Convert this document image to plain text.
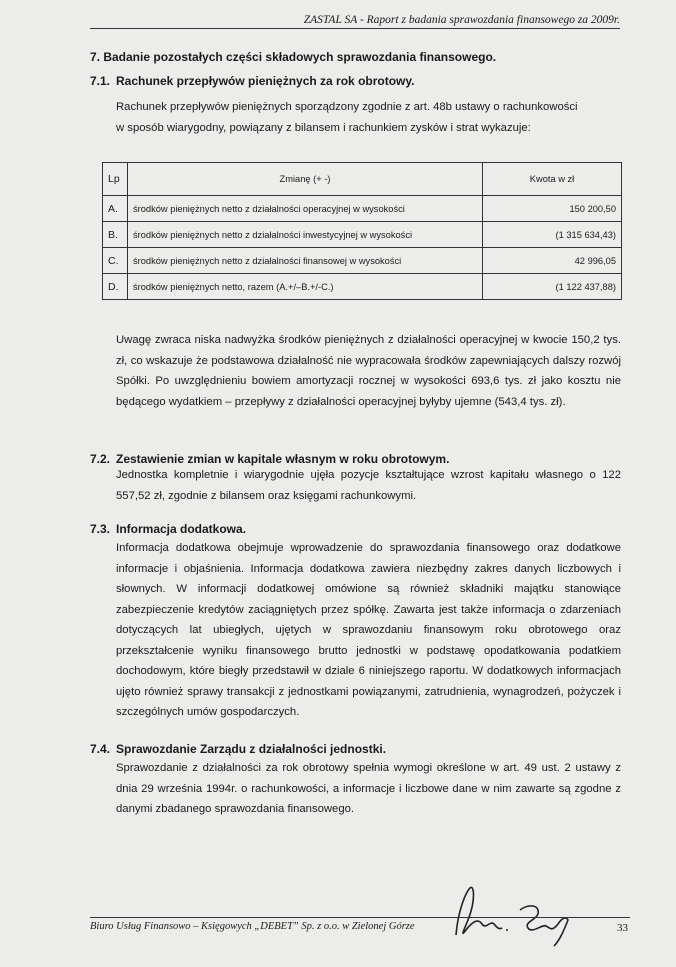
ZASTAL SA - Raport z badania sprawozdania finansowego za 2009r.
7. Badanie pozostałych części składowych sprawozdania finansowego.
7.1. Rachunek przepływów pieniężnych za rok obrotowy.
Rachunek przepływów pieniężnych sporządzony zgodnie z art. 48b ustawy o rachunkowości
w sposób wiarygodny, powiązany z bilansem i rachunkiem zysków i strat wykazuje:
Lp	Zmianę (+ -)	Kwota w zł
A.	środków pieniężnych netto z działalności operacyjnej w wysokości	150 200,50
B.	środków pieniężnych netto z działalności inwestycyjnej w wysokości	(1 315 634,43)
C.	środków pieniężnych netto z działalności finansowej w wysokości	42 996,05
D.	środków pieniężnych netto, razem (A.+/–B.+/-C.)	(1 122 437,88)
Uwagę zwraca niska nadwyżka środków pieniężnych z działalności operacyjnej w kwocie 150,2 tys. zł, co wskazuje że podstawowa działalność nie wypracowała środków zapewniających dalszy rozwój Spółki. Po uwzględnieniu bowiem amortyzacji rocznej w wysokości 693,6 tys. zł jako kosztu nie będącego wydatkiem – przepływy z działalności operacyjnej byłyby ujemne (543,4 tys. zł).
7.2. Zestawienie zmian w kapitale własnym w roku obrotowym.
Jednostka kompletnie i wiarygodnie ujęła pozycje kształtujące wzrost kapitału własnego o 122 557,52 zł, zgodnie z bilansem oraz księgami rachunkowymi.
7.3. Informacja dodatkowa.
Informacja dodatkowa obejmuje wprowadzenie do sprawozdania finansowego oraz dodatkowe informacje i objaśnienia. Informacja dodatkowa zawiera niezbędny zakres danych liczbowych i słownych. W informacji dodatkowej omówione są również składniki majątku stanowiące zabezpieczenie kredytów zaciągniętych przez spółkę. Zawarta jest także informacja o zdarzeniach dotyczących lat ubiegłych, ujętych w sprawozdaniu finansowym roku obrotowego oraz przekształcenie wyniku finansowego brutto jednostki w podstawę opodatkowania podatkiem dochodowym, które biegły przedstawił w dziale 6 niniejszego raportu. W dodatkowych informacjach ujęto również sprawy transakcji z jednostkami powiązanymi, zatrudnienia, wynagrodzeń, pożyczek i szczególnych umów gospodarczych.
7.4. Sprawozdanie Zarządu z działalności jednostki.
Sprawozdanie z działalności za rok obrotowy spełnia wymogi określone w art. 49 ust. 2 ustawy z dnia 29 września 1994r. o rachunkowości, a informacje i liczbowe dane w nim zawarte są zgodne z danymi zbadanego sprawozdania finansowego.
Biuro Usług Finansowo – Księgowych „DEBET” Sp. z o.o. w Zielonej Górze	33
